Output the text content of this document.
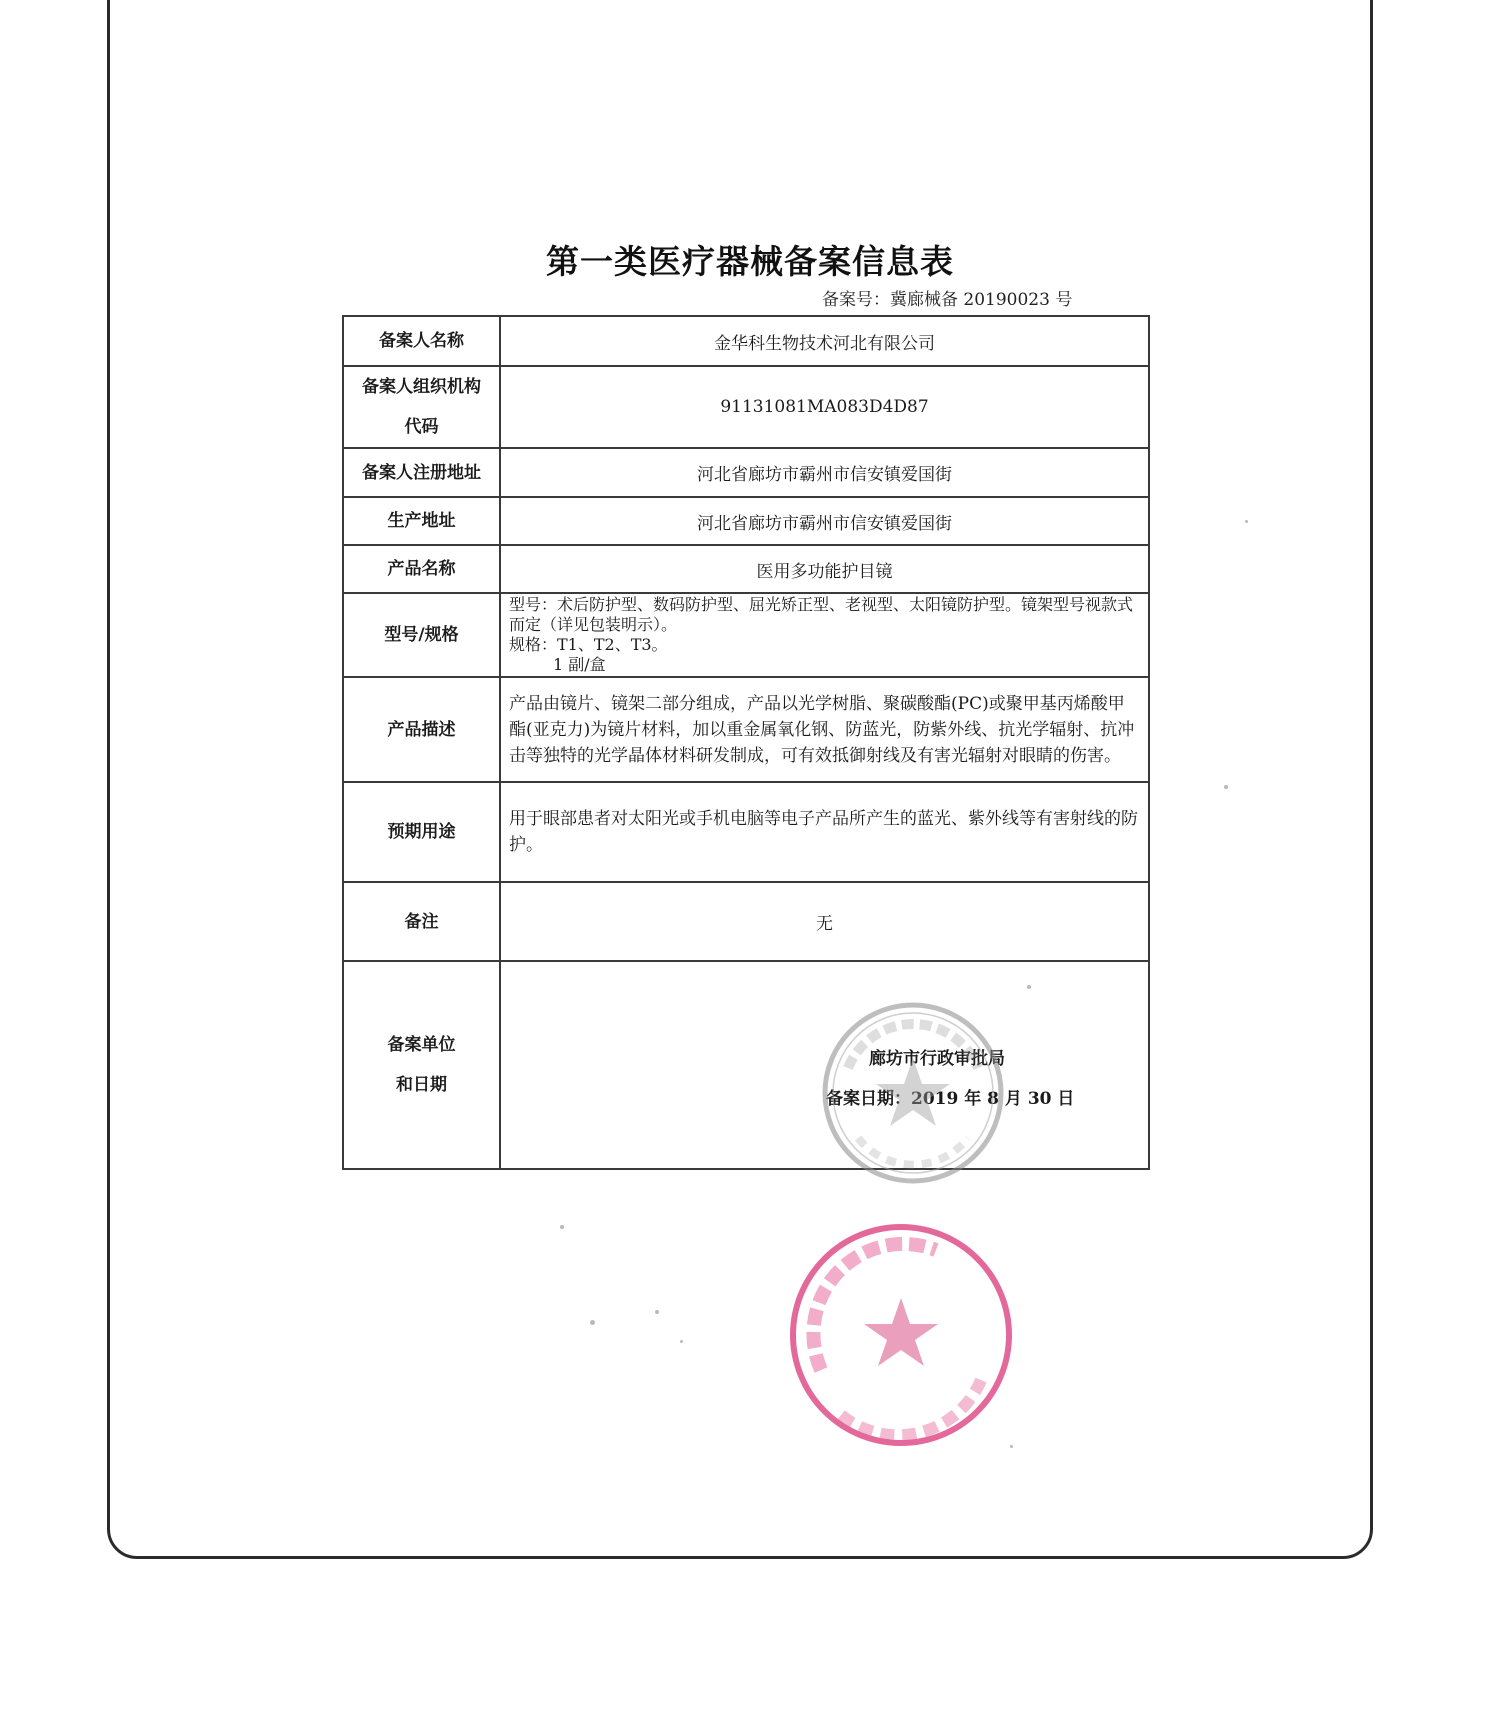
第一类医疗器械备案信息表
备案号：冀廊械备 20190023 号
备案人名称	金华科生物技术河北有限公司

备案人组织机构
代码	91131081MA083D4D87
备案人注册地址	河北省廊坊市霸州市信安镇爱国街
生产地址	河北省廊坊市霸州市信安镇爱国街
产品名称	医用多功能护目镜
型号/规格	型号：术后防护型、数码防护型、屈光矫正型、老视型、太阳镜防护型。镜架型号视款式而定（详见包装明示）。
规格：T1、T2、T3。
1 副/盒

产品描述	产品由镜片、镜架二部分组成，产品以光学树脂、聚碳酸酯(PC)或聚甲基丙烯酸甲酯(亚克力)为镜片材料，加以重金属氧化钢、防蓝光，防紫外线、抗光学辐射、抗冲击等独特的光学晶体材料研发制成，可有效抵御射线及有害光辐射对眼睛的伤害。
预期用途	用于眼部患者对太阳光或手机电脑等电子产品所产生的蓝光、紫外线等有害射线的防护。
备注	无

备案单位
和日期	廊坊市行政审批局
备案日期：2019 年 8 月 30 日
